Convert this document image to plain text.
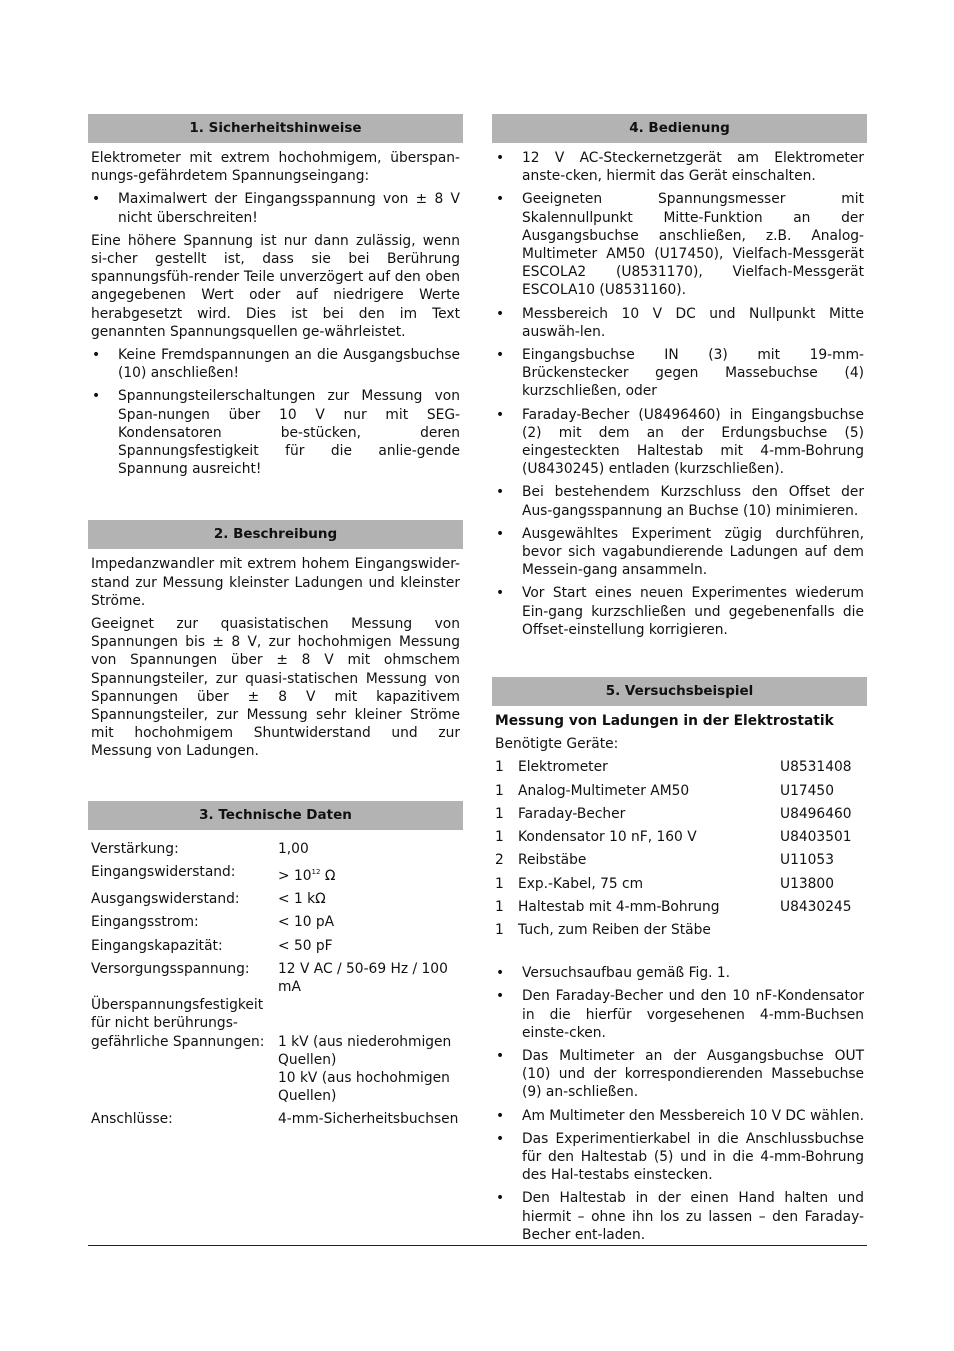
1. Sicherheitshinweise
Elektrometer mit extrem hochohmigem, überspan-nungs-gefährdetem Spannungseingang:
• Maximalwert der Eingangsspannung von ± 8 V nicht überschreiten!
Eine höhere Spannung ist nur dann zulässig, wenn si-cher gestellt ist, dass sie bei Berührung spannungsfüh-render Teile unverzögert auf den oben angegebenen Wert oder auf niedrigere Werte herabgesetzt wird. Dies ist bei den im Text genannten Spannungsquellen ge-währleistet.
• Keine Fremdspannungen an die Ausgangsbuchse (10) anschließen!
• Spannungsteilerschaltungen zur Messung von Span-nungen über 10 V nur mit SEG-Kondensatoren be-stücken, deren Spannungsfestigkeit für die anlie-gende Spannung ausreicht!
2. Beschreibung
Impedanzwandler mit extrem hohem Eingangswider-stand zur Messung kleinster Ladungen und kleinster Ströme.
Geeignet zur quasistatischen Messung von Spannungen bis ± 8 V, zur hochohmigen Messung von Spannungen über ± 8 V mit ohmschem Spannungsteiler, zur quasi-statischen Messung von Spannungen über ± 8 V mit kapazitivem Spannungsteiler, zur Messung sehr kleiner Ströme mit hochohmigem Shuntwiderstand und zur Messung von Ladungen.
3. Technische Daten
Verstärkung:	1,00
Eingangswiderstand:	> $10^{12}$ Ω
Ausgangswiderstand:	< 1 kΩ
Eingangsstrom:	< 10 pA
Eingangskapazität:	< 50 pF
Versorgungsspannung:	12 V AC / 50-69 Hz / 100 mA
Überspannungsfestigkeit
für nicht berührungs-
gefährliche Spannungen: 1 kV (aus niederohmigen Quellen)
10 kV (aus hochohmigen Quellen)
Anschlüsse:	4-mm-Sicherheitsbuchsen
4. Bedienung
• 12 V AC-Steckernetzgerät am Elektrometer anste-cken, hiermit das Gerät einschalten.
• Geeigneten Spannungsmesser mit Skalennullpunkt Mitte-Funktion an der Ausgangsbuchse anschließen, z.B. Analog-Multimeter AM50 (U17450), Vielfach-Messgerät ESCOLA2 (U8531170), Vielfach-Messgerät ESCOLA10 (U8531160).
• Messbereich 10 V DC und Nullpunkt Mitte auswäh-len.
• Eingangsbuchse IN (3) mit 19-mm-Brückenstecker gegen Massebuchse (4) kurzschließen, oder
• Faraday-Becher (U8496460) in Eingangsbuchse (2) mit dem an der Erdungsbuchse (5) eingesteckten Haltestab mit 4-mm-Bohrung (U8430245) entladen (kurzschließen).
• Bei bestehendem Kurzschluss den Offset der Aus-gangsspannung an Buchse (10) minimieren.
• Ausgewähltes Experiment zügig durchführen, bevor sich vagabundierende Ladungen auf dem Messein-gang ansammeln.
• Vor Start eines neuen Experimentes wiederum Ein-gang kurzschließen und gegebenenfalls die Offset-einstellung korrigieren.
5. Versuchsbeispiel
Messung von Ladungen in der Elektrostatik
Benötigte Geräte:
1	Elektrometer	U8531408
1	Analog-Multimeter AM50	U17450
1	Faraday-Becher	U8496460
1	Kondensator 10 nF, 160 V	U8403501
2	Reibstäbe	U11053
1	Exp.-Kabel, 75 cm	U13800
1	Haltestab mit 4-mm-Bohrung	U8430245
1	Tuch, zum Reiben der Stäbe
• Versuchsaufbau gemäß Fig. 1.
• Den Faraday-Becher und den 10 nF-Kondensator in die hierfür vorgesehenen 4-mm-Buchsen einste-cken.
• Das Multimeter an der Ausgangsbuchse OUT (10) und der korrespondierenden Massebuchse (9) an-schließen.
• Am Multimeter den Messbereich 10 V DC wählen.
• Das Experimentierkabel in die Anschlussbuchse für den Haltestab (5) und in die 4-mm-Bohrung des Hal-testabs einstecken.
• Den Haltestab in der einen Hand halten und hiermit – ohne ihn los zu lassen – den Faraday-Becher ent-laden.
